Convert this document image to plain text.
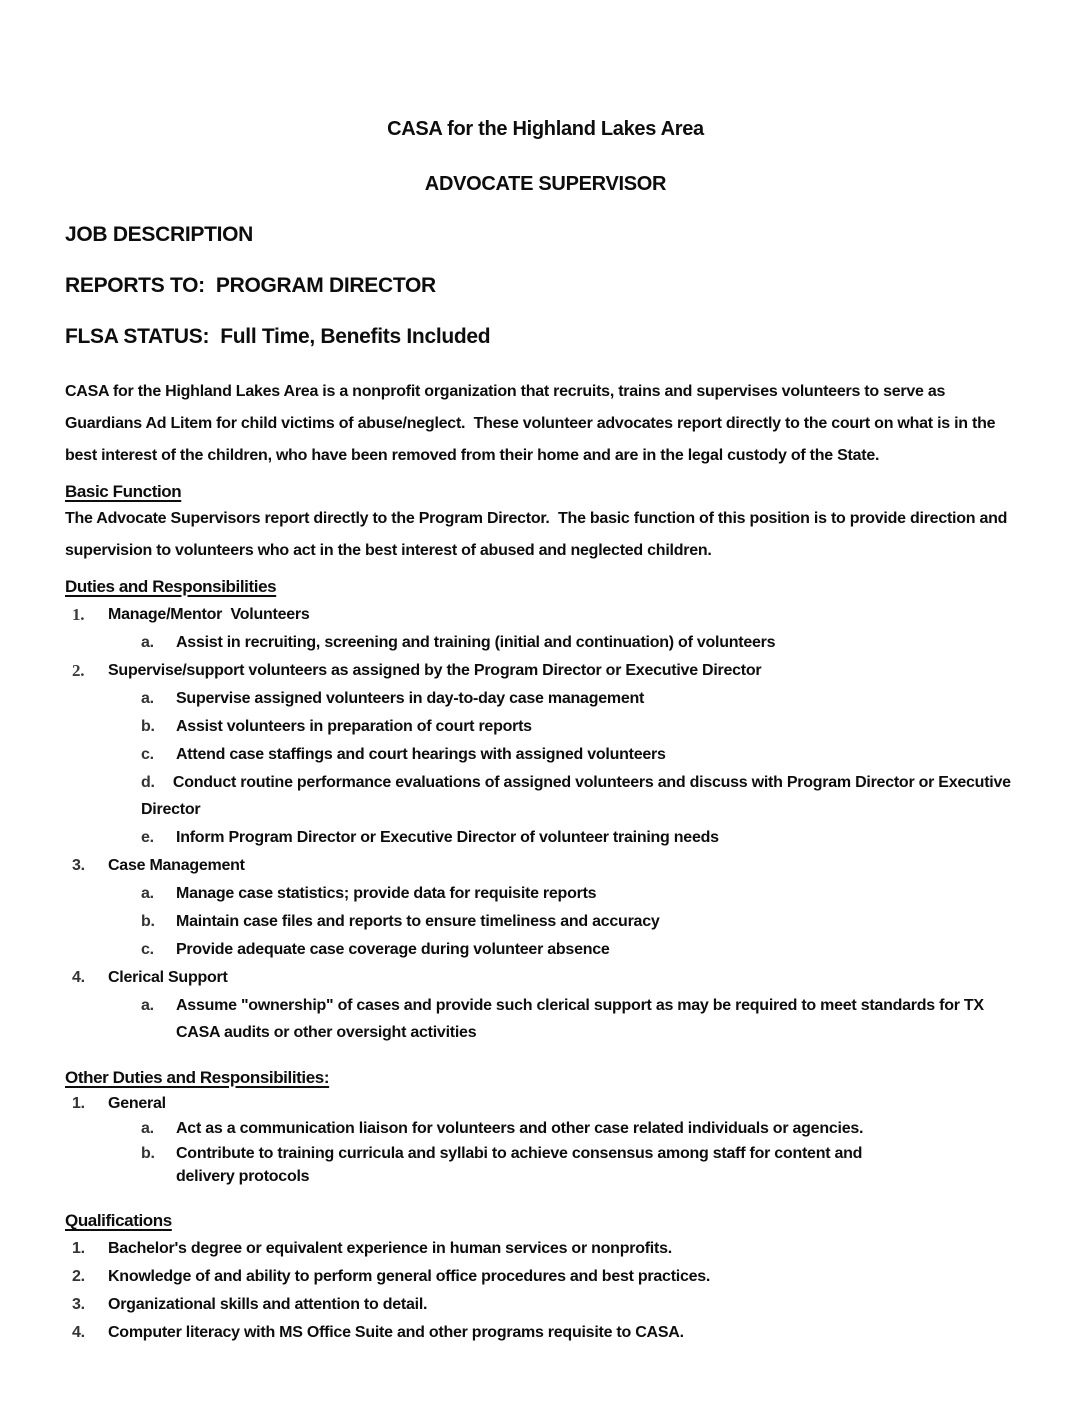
CASA for the Highland Lakes Area
ADVOCATE SUPERVISOR
JOB DESCRIPTION
REPORTS TO:  PROGRAM DIRECTOR
FLSA STATUS:  Full Time, Benefits Included

CASA for the Highland Lakes Area is a nonprofit organization that recruits, trains and supervises volunteers to serve as Guardians Ad Litem for child victims of abuse/neglect.  These volunteer advocates report directly to the court on what is in the best interest of the children, who have been removed from their home and are in the legal custody of the State.

Basic Function

The Advocate Supervisors report directly to the Program Director.  The basic function of this position is to provide direction and supervision to volunteers who act in the best interest of abused and neglected children.

Duties and Responsibilities
1.	Manage/Mentor  Volunteers
a.	Assist in recruiting, screening and training (initial and continuation) of volunteers
2.	Supervise/support volunteers as assigned by the Program Director or Executive Director
a.	Supervise assigned volunteers in day-to-day case management
b.	Assist volunteers in preparation of court reports
c.	Attend case staffings and court hearings with assigned volunteers
d. Conduct routine performance evaluations of assigned volunteers and discuss with Program Director or Executive Director
e.	Inform Program Director or Executive Director of volunteer training needs
3.	Case Management
a.	Manage case statistics; provide data for requisite reports
b.	Maintain case files and reports to ensure timeliness and accuracy
c.	Provide adequate case coverage during volunteer absence
4.	Clerical Support
a.	Assume "ownership" of cases and provide such clerical support as may be required to meet standards for TX CASA audits or other oversight activities
Other Duties and Responsibilities:
1.	General
a.	Act as a communication liaison for volunteers and other case related individuals or agencies.
b.	Contribute to training curricula and syllabi to achieve consensus among staff for content and delivery protocols
Qualifications
1.	Bachelor's degree or equivalent experience in human services or nonprofits.
2.	Knowledge of and ability to perform general office procedures and best practices.
3.	Organizational skills and attention to detail.
4.	Computer literacy with MS Office Suite and other programs requisite to CASA.
